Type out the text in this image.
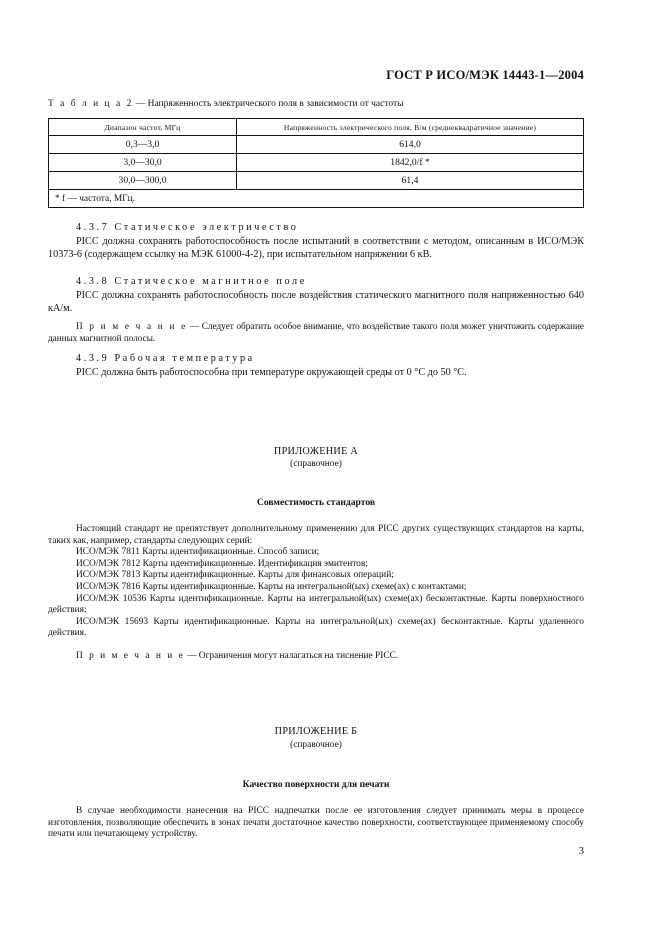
ГОСТ Р ИСО/МЭК 14443-1—2004
Т а б л и ц а 2 — Напряженность электрического поля в зависимости от частоты
Диапазон частот, МГц	Напряженность электрического поля, В/м (среднеквадратичное значение)
0,3—3,0	614,0
3,0—30,0	1842,0/f *
30,0—300,0	61,4
* f — частота, МГц.	
4.3.7 Статическое электричество
PICC должна сохранять работоспособность после испытаний в соответствии с методом, описанным в ИСО/МЭК 10373-6 (содержащем ссылку на МЭК 61000-4-2), при испытательном напряжении 6 кВ.
4.3.8 Статическое магнитное поле
PICC должна сохранять работоспособность после воздействия статического магнитного поля напряженностью 640 кА/м.
П р и м е ч а н и е — Следует обратить особое внимание, что воздействие такого поля может уничтожить содержание данных магнитной полосы.
4.3.9 Рабочая температура
PICC должна быть работоспособна при температуре окружающей среды от 0 °С до 50 °С.
ПРИЛОЖЕНИЕ А
(справочное)
Совместимость стандартов
Настоящий стандарт не препятствует дополнительному применению для PICC других существующих стандартов на карты, таких как, например, стандарты следующих серий:
ИСО/МЭК 7811 Карты идентификационные. Способ записи;
ИСО/МЭК 7812 Карты идентификационные. Идентификация эмитентов;
ИСО/МЭК 7813 Карты идентификационные. Карты для финансовых операций;
ИСО/МЭК 7816 Карты идентификационные. Карты на интегральной(ых) схеме(ах) с контактами;
ИСО/МЭК 10536 Карты идентификационные. Карты на интегральной(ых) схеме(ах) бесконтактные. Карты поверхностного действия;
ИСО/МЭК 15693 Карты идентификационные. Карты на интегральной(ых) схеме(ах) бесконтактные. Карты удаленного действия.
П р и м е ч а н и е — Ограничения могут налагаться на тиснение PICC.
ПРИЛОЖЕНИЕ Б
(справочное)
Качество поверхности для печати
В случае необходимости нанесения на PICC надпечатки после ее изготовления следует принимать меры в процессе изготовления, позволяющие обеспечить в зонах печати достаточное качество поверхности, соответствующее применяемому способу печати или печатающему устройству.
3
